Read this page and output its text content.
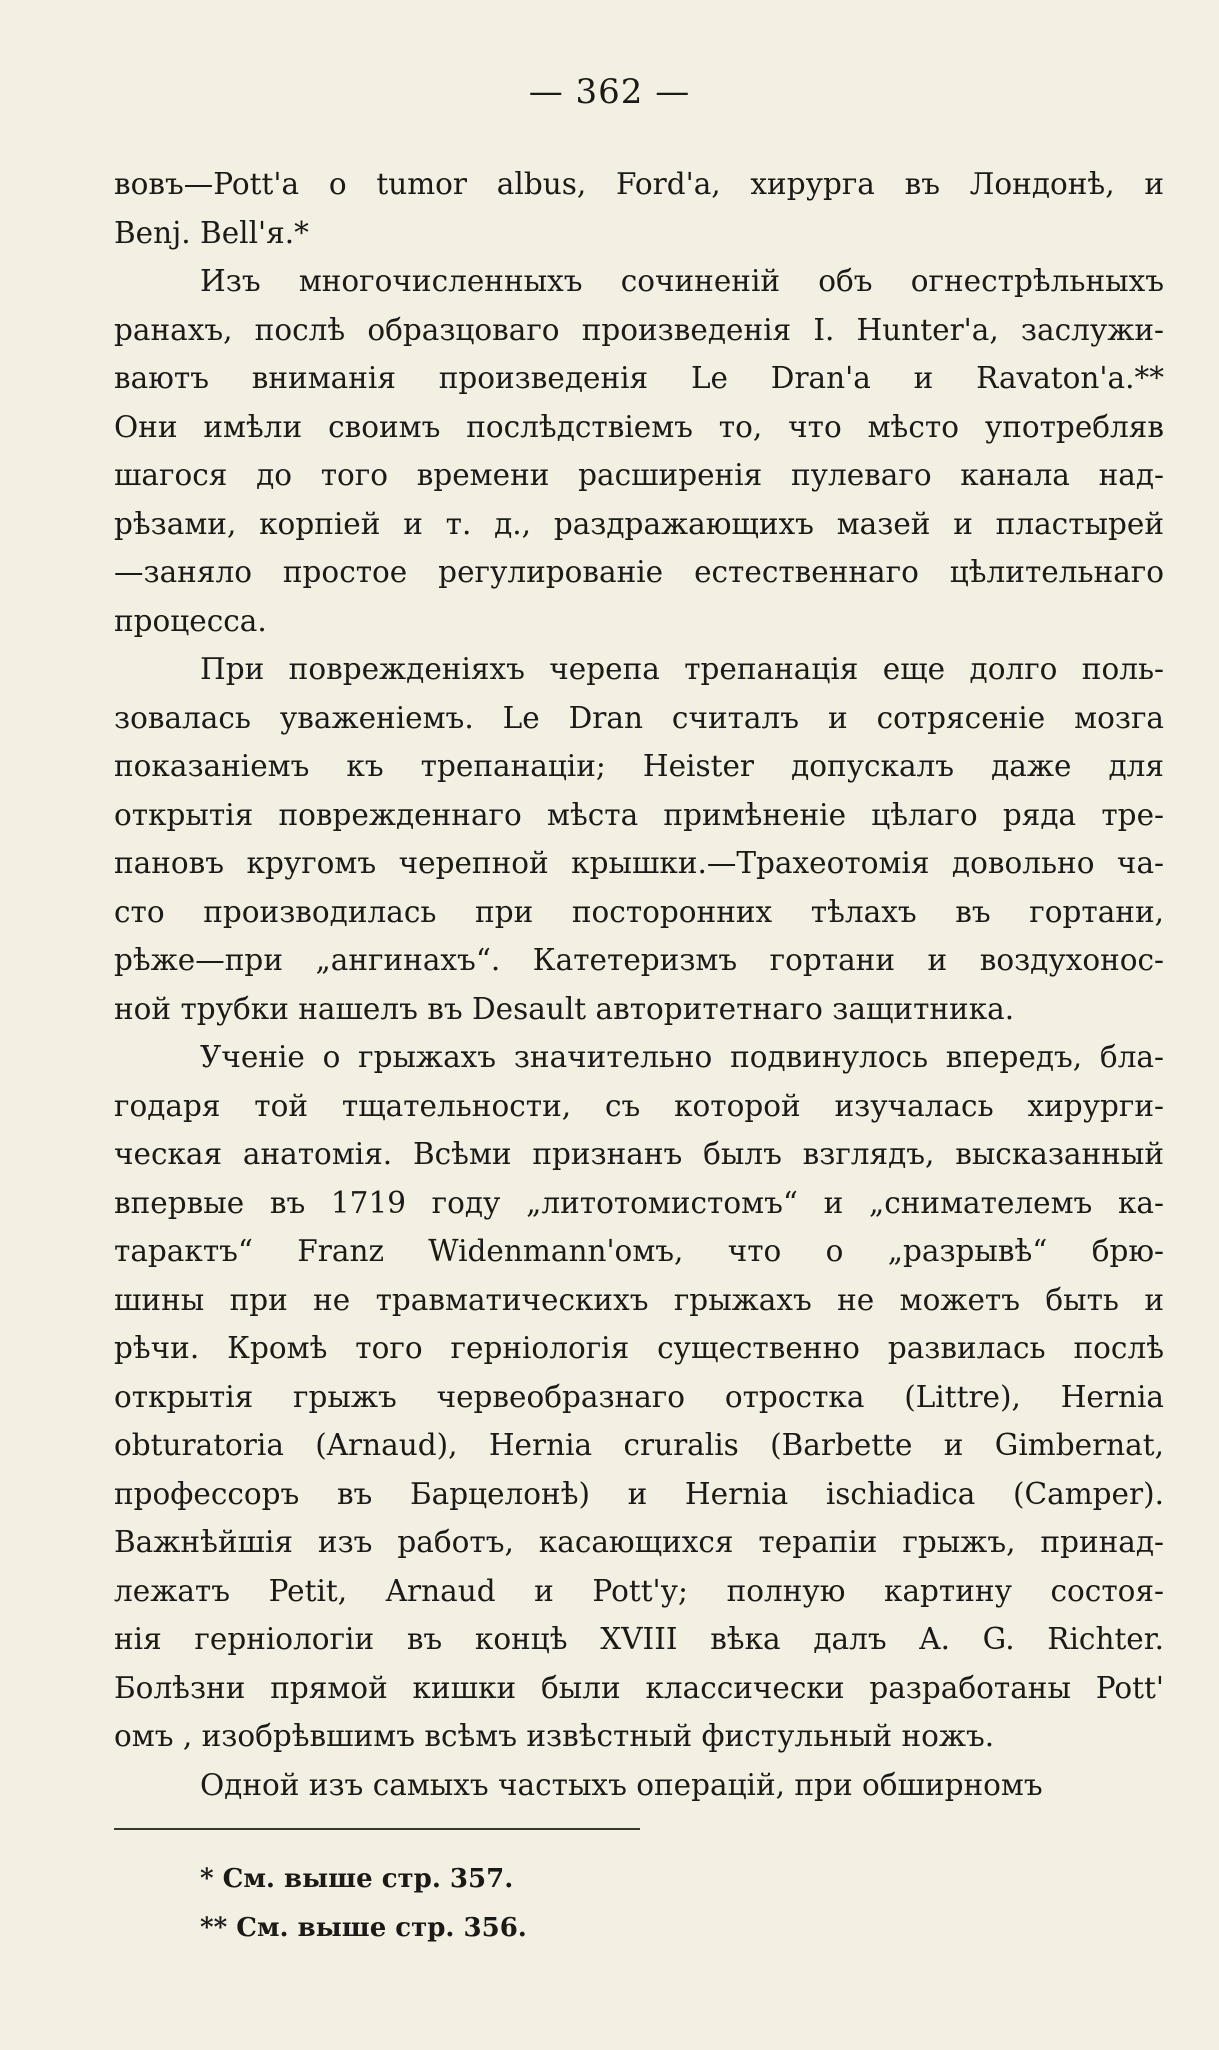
— 362 —
вовъ—Pott'a о tumor albus, Ford'a, хирурга въ Лондонѣ, и
Benj. Bell'я.*
Изъ многочисленныхъ сочиненій объ огнестрѣльныхъ
ранахъ, послѣ образцоваго произведенія I. Hunter'a, заслужи-
ваютъ вниманія произведенія Le Dran'a и Ravaton'a.**
Они имѣли своимъ послѣдствіемъ то, что мѣсто употребляв
шагося до того времени расширенія пулеваго канала над-
рѣзами, корпіей и т. д., раздражающихъ мазей и пластырей
—заняло простое регулированіе естественнаго цѣлительнаго
процесса.
При поврежденіяхъ черепа трепанація еще долго поль-
зовалась уваженіемъ. Le Dran считалъ и сотрясеніе мозга
показаніемъ къ трепанаціи; Heister допускалъ даже для
открытія поврежденнаго мѣста примѣненіе цѣлаго ряда тре-
пановъ кругомъ черепной крышки.—Трахеотомія довольно ча-
сто производилась при посторонних тѣлахъ въ гортани,
рѣже—при „ангинахъ“. Катетеризмъ гортани и воздухонос-
ной трубки нашелъ въ Desault авторитетнаго защитника.
Ученіе о грыжахъ значительно подвинулось впередъ, бла-
годаря той тщательности, съ которой изучалась хирурги-
ческая анатомія. Всѣми признанъ былъ взглядъ, высказанный
впервые въ 1719 году „литотомистомъ“ и „снимателемъ ка-
тарактъ“ Franz Widenmann'омъ, что о „разрывѣ“ брю-
шины при не травматическихъ грыжахъ не можетъ быть и
рѣчи. Кромѣ того герніологія существенно развилась послѣ
открытія грыжъ червеобразнаго отростка (Littre), Hernia
obturatoria (Arnaud), Hernia cruralis (Barbette и Gimbernat,
профессоръ въ Барцелонѣ) и Hernia ischiadica (Camper).
Важнѣйшія изъ работъ, касающихся терапіи грыжъ, принад-
лежатъ Petit, Arnaud и Pott'у; полную картину состоя-
нія герніологіи въ концѣ XVIII вѣка далъ A. G. Richter.
Болѣзни прямой кишки были классически разработаны Pott'
омъ , изобрѣвшимъ всѣмъ извѣстный фистульный ножъ.
Одной изъ самыхъ частыхъ операцій, при обширномъ
* См. выше стр. 357.
** См. выше стр. 356.
